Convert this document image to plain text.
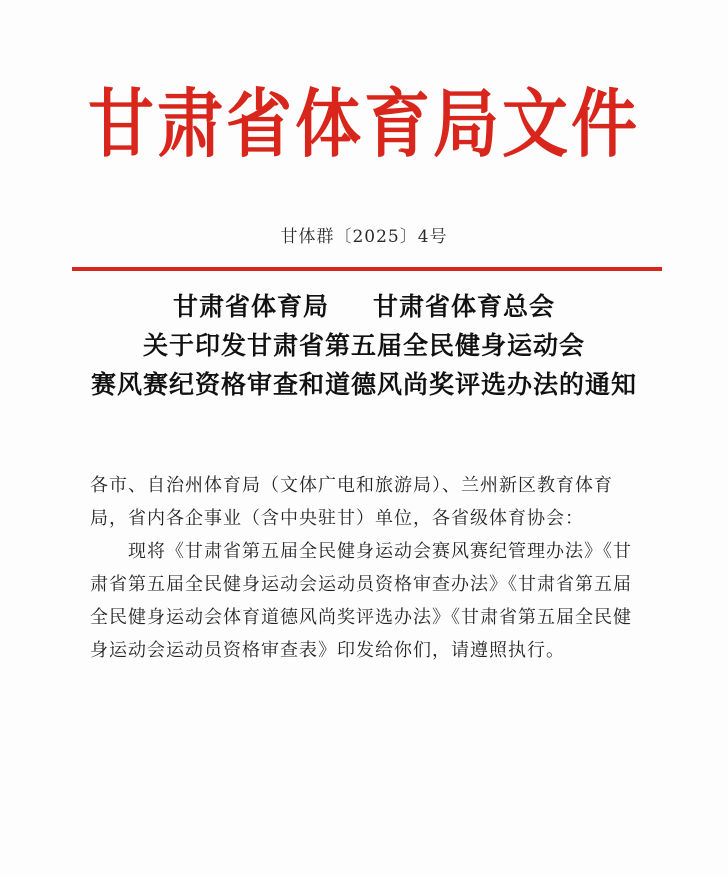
甘肃省体育局文件
甘体群〔2025〕4号
甘肃省体育局 甘肃省体育总会
关于印发甘肃省第五届全民健身运动会
赛风赛纪资格审查和道德风尚奖评选办法的通知

各市、自治州体育局（文体广电和旅游局）、兰州新区教育体育局，省内各企事业（含中央驻甘）单位，各省级体育协会：

现将《甘肃省第五届全民健身运动会赛风赛纪管理办法》《甘肃省第五届全民健身运动会运动员资格审查办法》《甘肃省第五届全民健身运动会体育道德风尚奖评选办法》《甘肃省第五届全民健身运动会运动员资格审查表》印发给你们，请遵照执行。
